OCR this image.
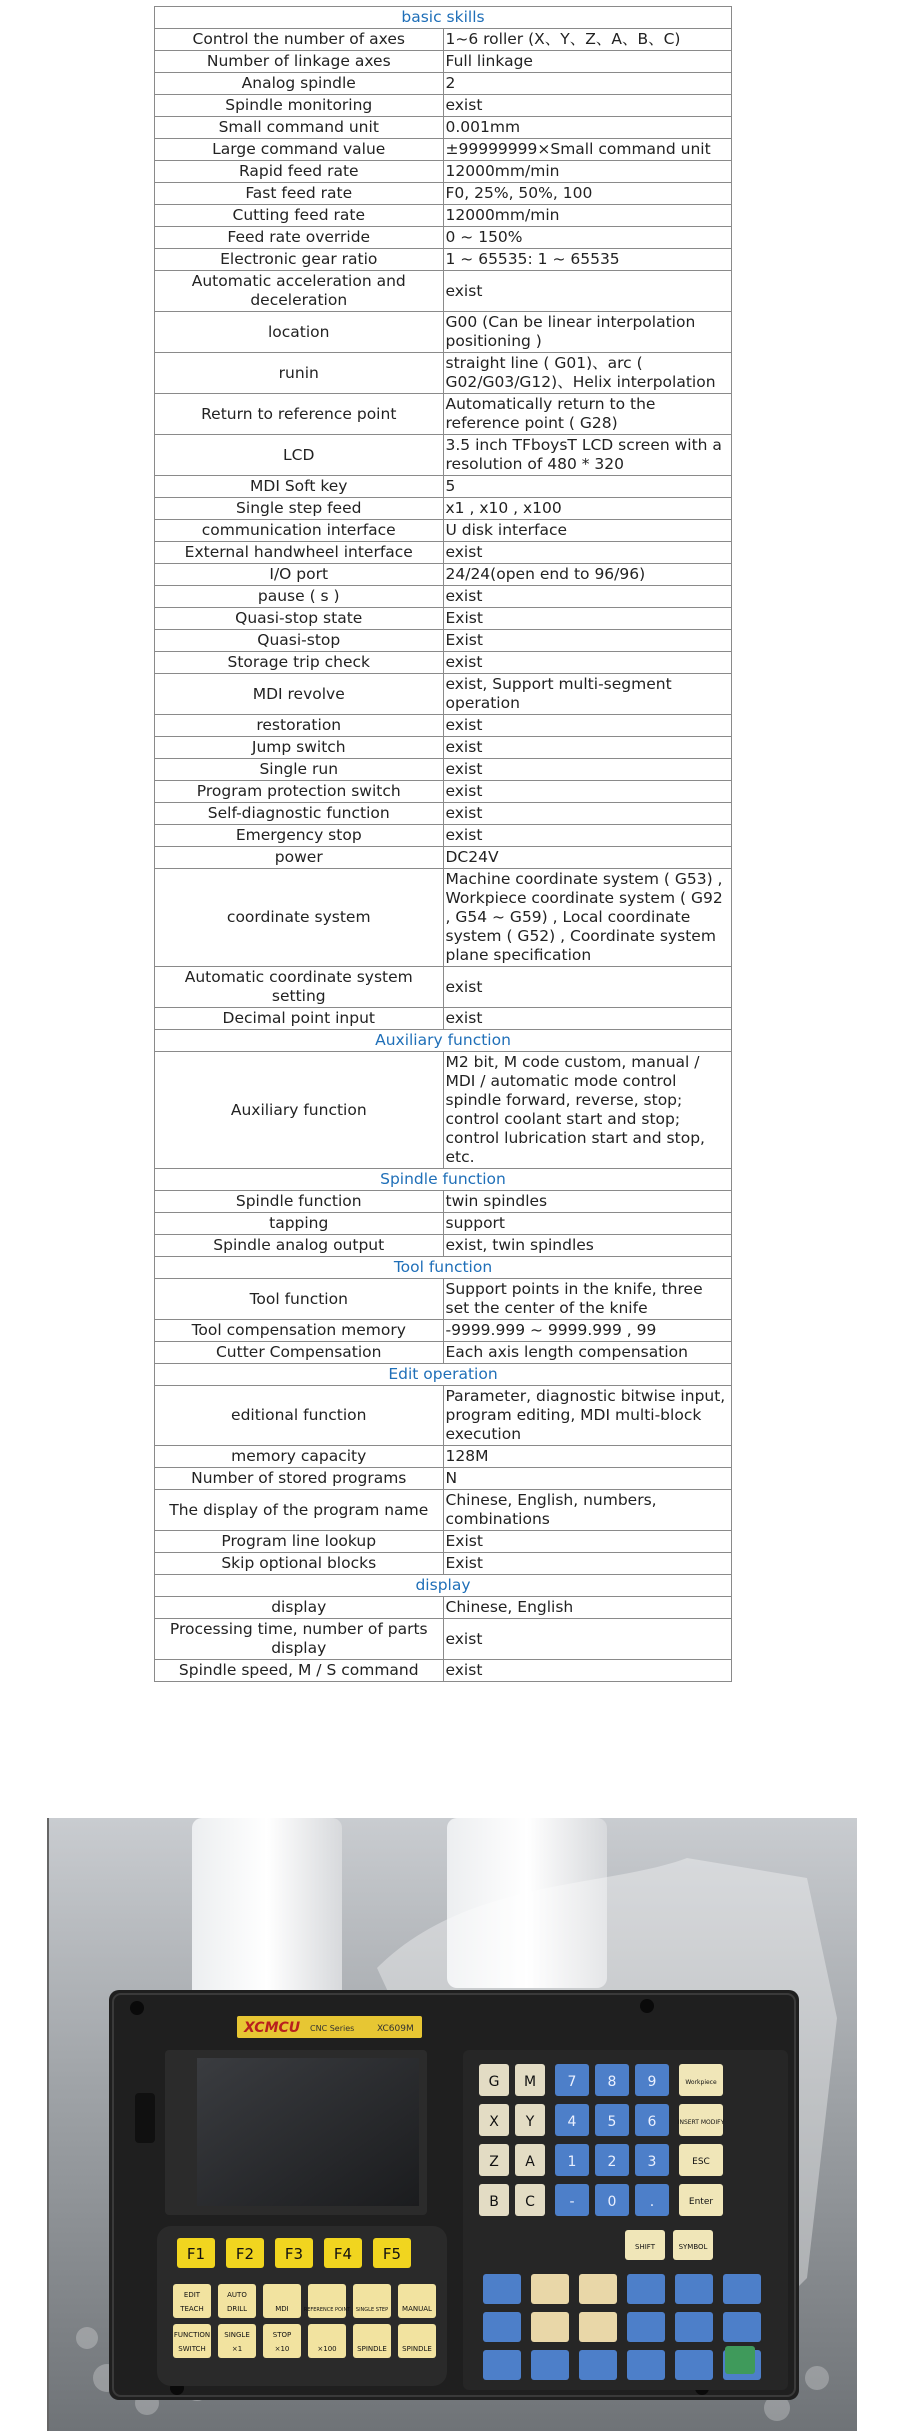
basic skills	
Control the number of axes	1~6 roller (X、Y、Z、A、B、C)
Number of linkage axes	Full linkage
Analog spindle	2
Spindle monitoring	exist
Small command unit	0.001mm
Large command value	±99999999×Small command unit
Rapid feed rate	12000mm/min
Fast feed rate	F0, 25%, 50%, 100
Cutting feed rate	12000mm/min
Feed rate override	0 ~ 150%
Electronic gear ratio	1 ~ 65535: 1 ~ 65535
Automatic acceleration and deceleration	exist
location	G00 (Can be linear interpolation positioning )
runin	straight line ( G01)、arc ( G02/G03/G12)、Helix interpolation
Return to reference point	Automatically return to the reference point ( G28)
LCD	3.5 inch TFboysT LCD screen with a resolution of 480 * 320
MDI Soft key	5
Single step feed	x1 , x10 , x100
communication interface	U disk interface
External handwheel interface	exist
I/O port	24/24(open end to 96/96)
pause ( s )	exist
Quasi-stop state	Exist
Quasi-stop	Exist
Storage trip check	exist
MDI revolve	exist, Support multi-segment operation
restoration	exist
Jump switch	exist
Single run	exist
Program protection switch	exist
Self-diagnostic function	exist
Emergency stop	exist
power	DC24V
coordinate system	Machine coordinate system ( G53) , Workpiece coordinate system ( G92 , G54 ~ G59) , Local coordinate system ( G52) , Coordinate system plane specification
Automatic coordinate system setting	exist
Decimal point input	exist
Auxiliary function	
Auxiliary function	M2 bit, M code custom, manual / MDI / automatic mode control spindle forward, reverse, stop; control coolant start and stop; control lubrication start and stop, etc.
Spindle function	
Spindle function	twin spindles
tapping	support
Spindle analog output	exist, twin spindles
Tool function	
Tool function	Support points in the knife, three set the center of the knife
Tool compensation memory	-9999.999 ~ 9999.999 , 99
Cutter Compensation	Each axis length compensation
Edit operation	
editional function	Parameter, diagnostic bitwise input, program editing, MDI multi-block execution
memory capacity	128M
Number of stored programs	N
The display of the program name	Chinese, English, numbers, combinations
Program line lookup	Exist
Skip optional blocks	Exist
display	
display	Chinese, English
Processing time, number of parts display	exist
Spindle speed, M / S command	exist
XCMCU CNC Series	XC609M
F1 F2 F3 F4 F5
EDIT
TEACH
AUTO
DRILL	MDI	REFERENCE POINT SINGLE STEP MANUAL
FUNCTION
SWITCH
SINGLE
×1
STOP
×10	×100	SPINDLE SPINDLE
G M
X Y
Z A
B C
7 8 9
4 5 6
1 2 3
- 0 .
Workpiece
INSERT MODIFY
ESC
Enter
SHIFT	SYMBOL
